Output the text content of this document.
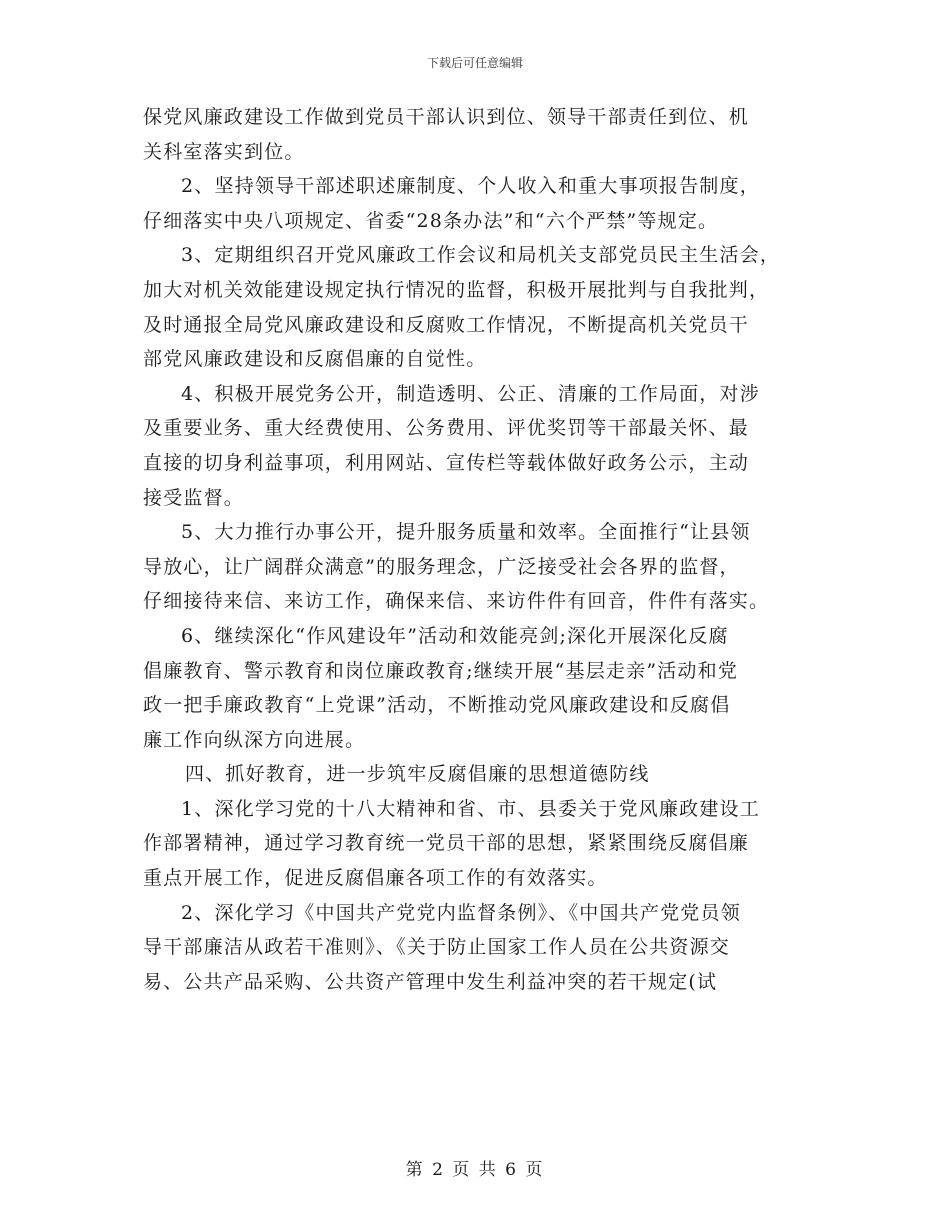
下载后可任意编辑
保党风廉政建设工作做到党员干部认识到位、领导干部责任到位、机
关科室落实到位。
2、坚持领导干部述职述廉制度、个人收入和重大事项报告制度，
仔细落实中央八项规定、省委“28条办法”和“六个严禁”等规定。
3、定期组织召开党风廉政工作会议和局机关支部党员民主生活会，
加大对机关效能建设规定执行情况的监督，积极开展批判与自我批判，
及时通报全局党风廉政建设和反腐败工作情况，不断提高机关党员干
部党风廉政建设和反腐倡廉的自觉性。
4、积极开展党务公开，制造透明、公正、清廉的工作局面，对涉
及重要业务、重大经费使用、公务费用、评优奖罚等干部最关怀、最
直接的切身利益事项，利用网站、宣传栏等载体做好政务公示，主动
接受监督。
5、大力推行办事公开，提升服务质量和效率。全面推行“让县领
导放心，让广阔群众满意”的服务理念，广泛接受社会各界的监督，
仔细接待来信、来访工作，确保来信、来访件件有回音，件件有落实。
6、继续深化“作风建设年”活动和效能亮剑;深化开展深化反腐
倡廉教育、警示教育和岗位廉政教育;继续开展“基层走亲”活动和党
政一把手廉政教育“上党课”活动，不断推动党风廉政建设和反腐倡
廉工作向纵深方向进展。
四、抓好教育，进一步筑牢反腐倡廉的思想道德防线
1、深化学习党的十八大精神和省、市、县委关于党风廉政建设工
作部署精神，通过学习教育统一党员干部的思想，紧紧围绕反腐倡廉
重点开展工作，促进反腐倡廉各项工作的有效落实。
2、深化学习《中国共产党党内监督条例》、《中国共产党党员领
导干部廉洁从政若干准则》、《关于防止国家工作人员在公共资源交
易、公共产品采购、公共资产管理中发生利益冲突的若干规定(试
第 2 页 共 6 页
